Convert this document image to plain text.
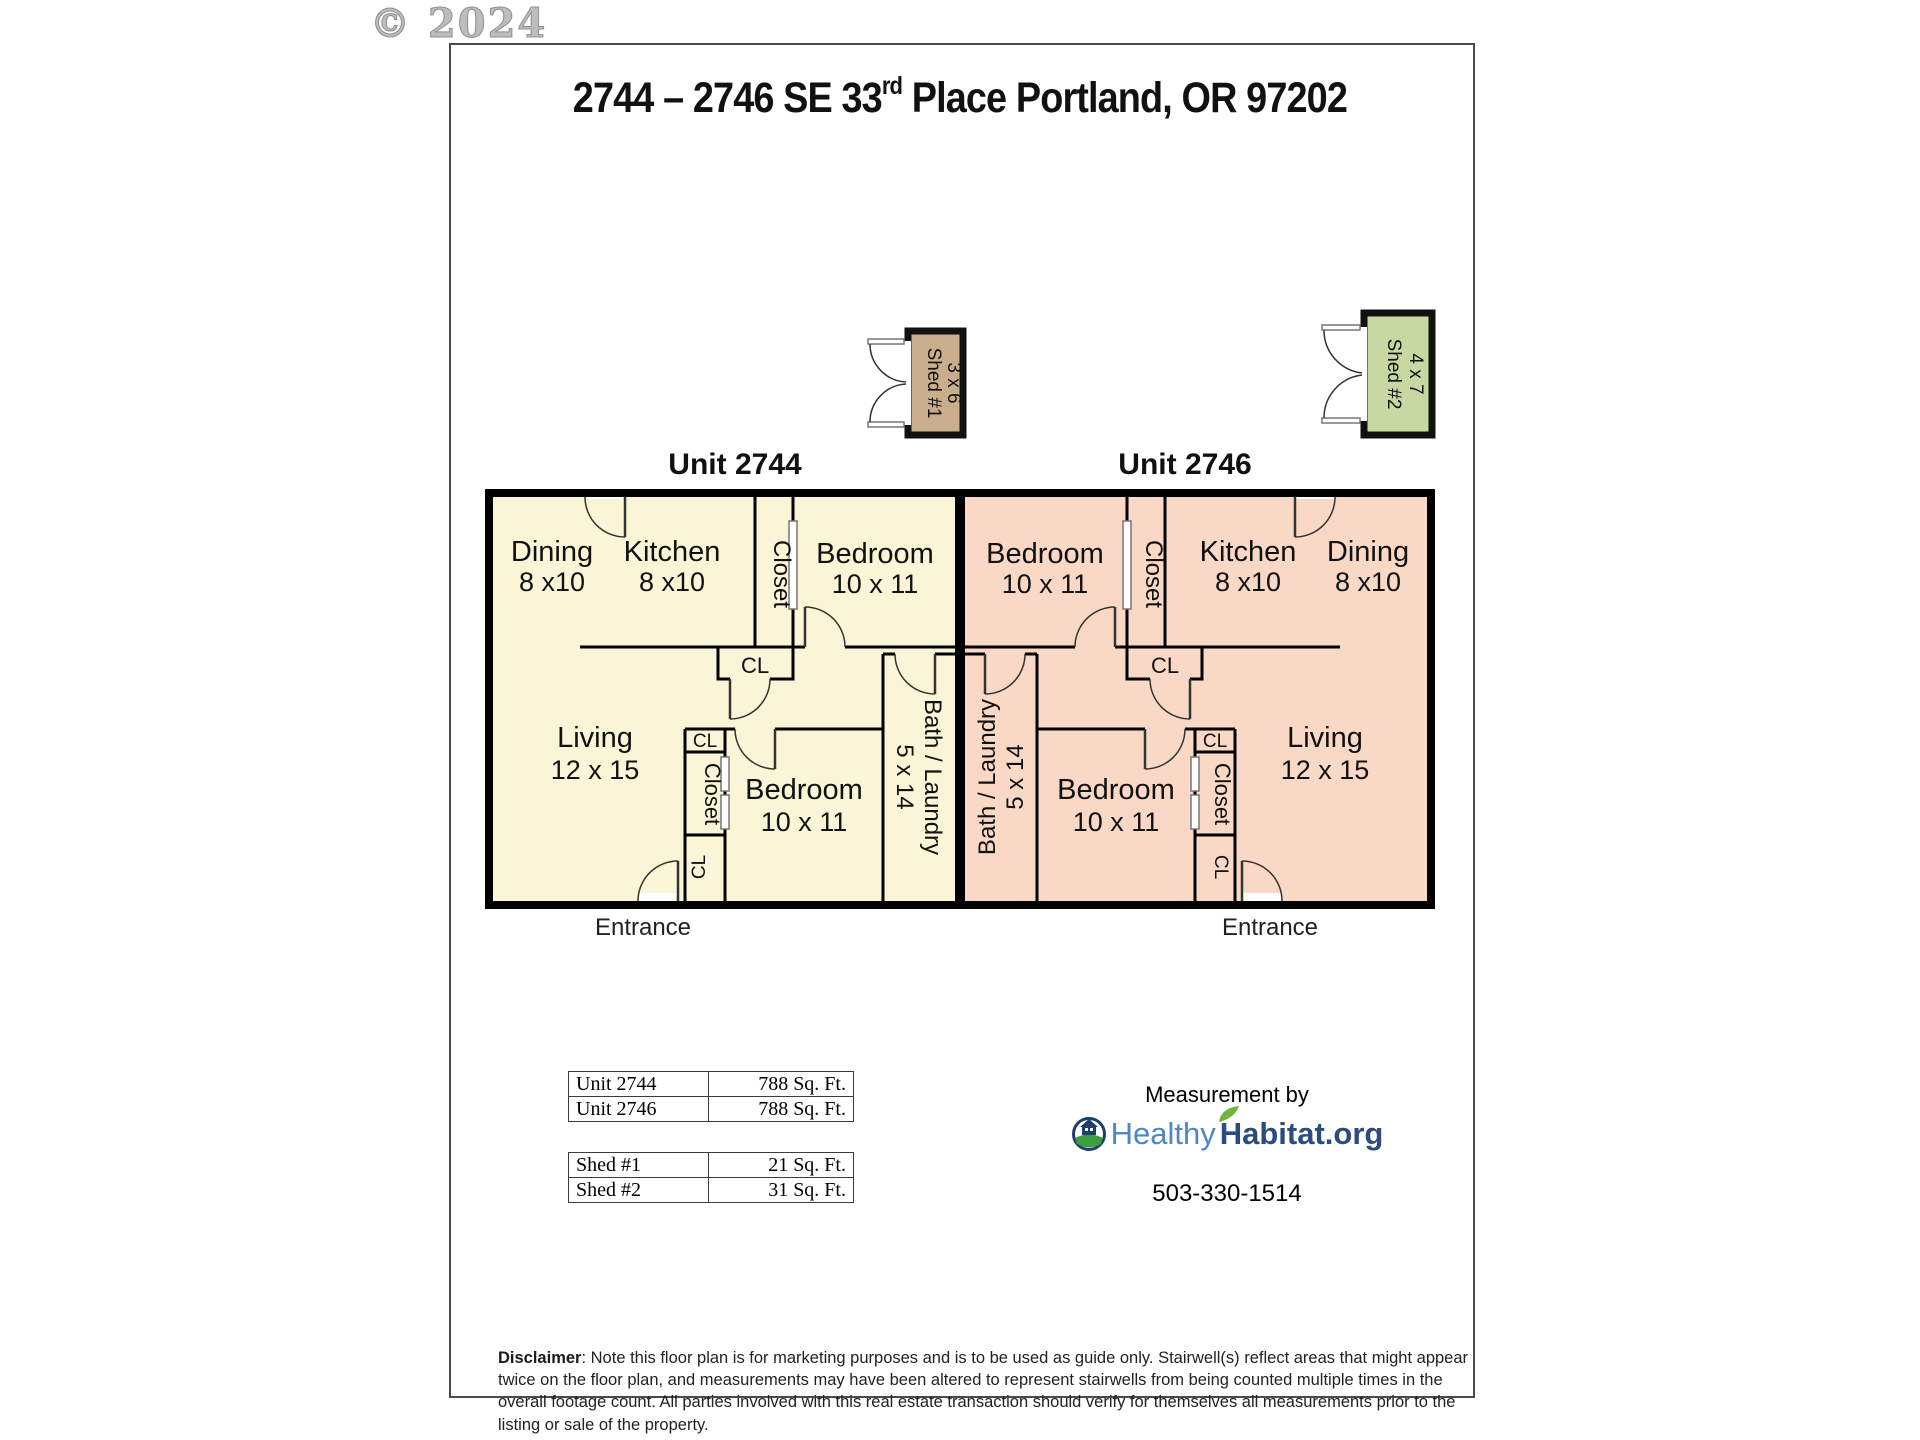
© 2024
2744 – 2746 SE 33rd Place Portland, OR 97202
Shed #1 3 x 6	Shed #2 4 x 7
Unit 2744	Unit 2746
Dining
8 x10
Kitchen
8 x10	Closet Bedroom
10 x 11
CL
Living
12 x 15
CL
Closet Bedroom
10 x 11	Bath / Laundry
5 x 14
CL
Dining
8 x10
Kitchen
8 x10
Closet
Bedroom
10 x 11
CL
Living
12 x 15
CL
Closet
Bedroom
10 x 11
Bath / Laundry 5 x 14
CL
Entrance	Entrance
Unit 2744	788 Sq. Ft.
Unit 2746	788 Sq. Ft.
Shed #1	21 Sq. Ft.
Shed #2	31 Sq. Ft.
Measurement by
Healthy Habitat.org
503-330-1514

Disclaimer: Note this floor plan is for marketing purposes and is to be used as guide only. Stairwell(s) reflect areas that might appear twice on the floor plan, and measurements may have been altered to represent stairwells from being counted multiple times in the overall footage count. All parties involved with this real estate transaction should verify for themselves all measurements prior to the listing or sale of the property.
